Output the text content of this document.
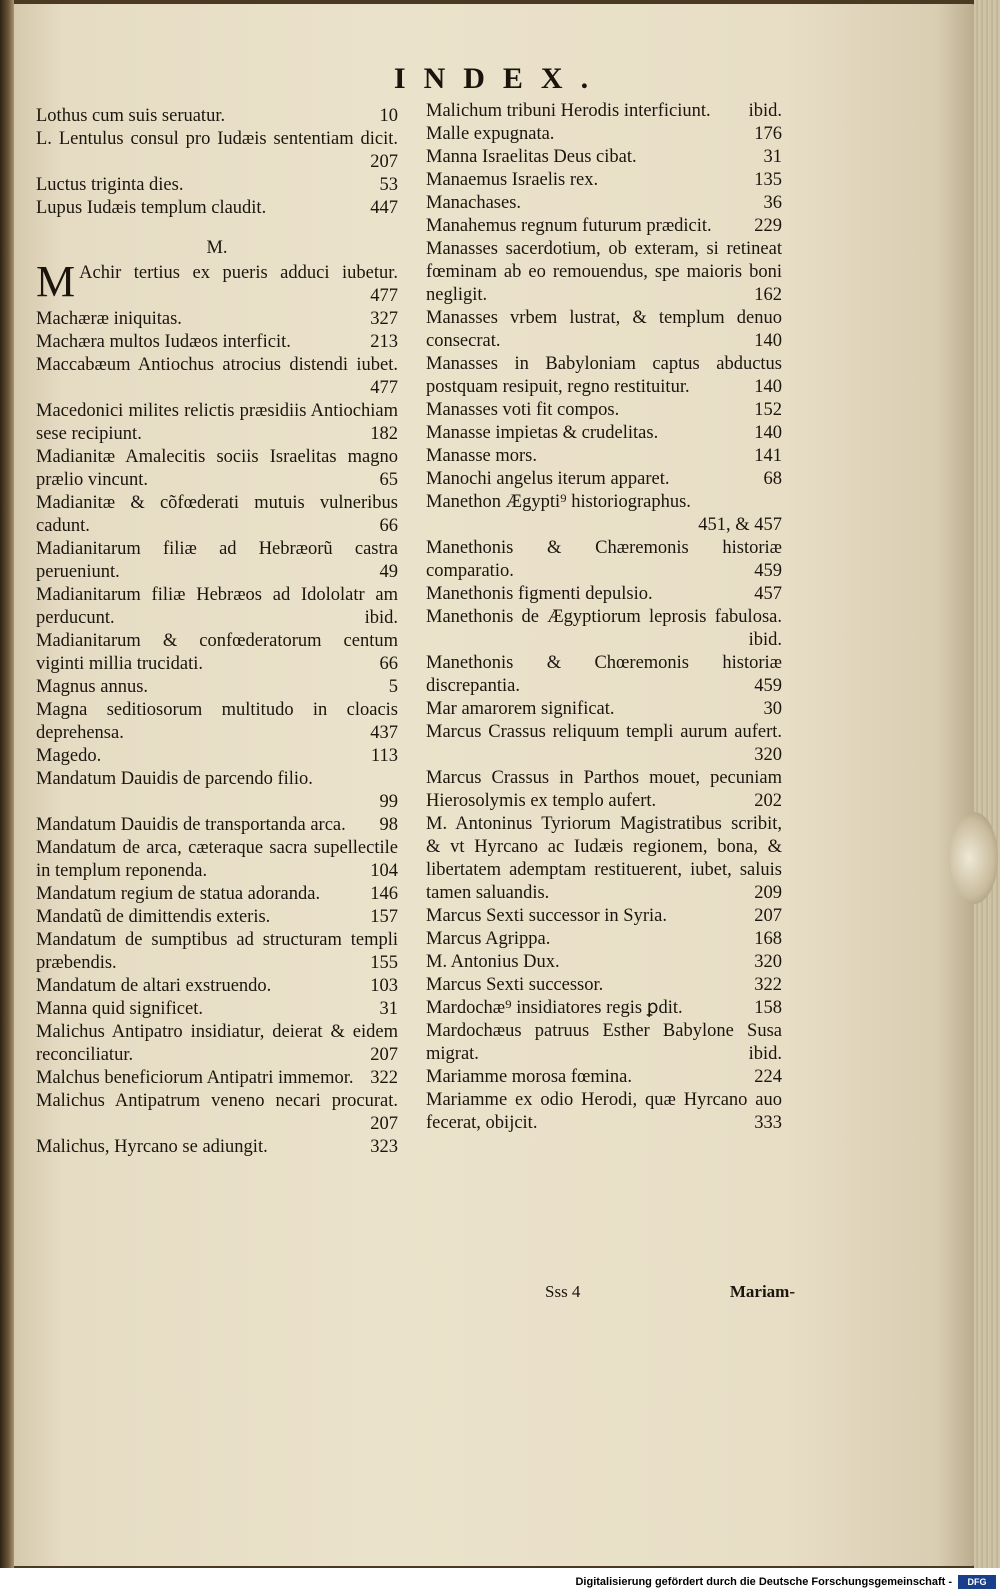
INDEX.
Lothus cum suis seruatur.	10
L. Lentulus consul pro Iudæis sententiam dicit.
207
Luctus triginta dies.	53
Lupus Iudæis templum claudit.	447
M.
M Achir tertius ex pueris adduci iubetur.
477
Machæræ iniquitas.	327
Machæra multos Iudæos interficit.	213
Maccabæum Antiochus atrocius distendi iubet.
477
Macedonici milites relictis præsidiis Antiochiam sese recipiunt.	182
Madianitæ Amalecitis sociis Israelitas magno prælio vincunt.	65
Madianitæ & cõfœderati mutuis vulneribus cadunt.	66
Madianitarum filiæ ad Hebræorũ castra perueniunt.	49
Madianitarum filiæ Hebræos ad Idololatr am perducunt.	ibid.
Madianitarum & confœderatorum centum viginti millia trucidati.	66
Magnus annus.	5
Magna seditiosorum multitudo in cloacis deprehensa.	437
Magedo.	113
Mandatum Dauidis de parcendo filio.
99
Mandatum Dauidis de transportanda arca.	98
Mandatum de arca, cæteraque sacra supellectile in templum reponenda.	104
Mandatum regium de statua adoranda.	146
Mandatũ de dimittendis exteris.	157
Mandatum de sumptibus ad structuram templi præbendis.	155
Mandatum de altari exstruendo.	103
Manna quid significet.	31
Malichus Antipatro insidiatur, deierat & eidem reconciliatur.	207
Malchus beneficiorum Antipatri immemor. 322
Malichus Antipatrum veneno necari procurat.
207
Malichus, Hyrcano se adiungit.	323
Malichum tribuni Herodis interficiunt.	ibid.
Malle expugnata.	176
Manna Israelitas Deus cibat.	31
Manaemus Israelis rex.	135
Manachases.	36
Manahemus regnum futurum prædicit.	229
Manasses sacerdotium, ob exteram, si retineat fœminam ab eo remouendus, spe maioris boni negligit.	162
Manasses vrbem lustrat, & templum denuo consecrat.	140
Manasses in Babyloniam captus abductus postquam resipuit, regno restituitur.	140
Manasses voti fit compos.	152
Manasse impietas & crudelitas.	140
Manasse mors.	141
Manochi angelus iterum apparet.	68
Manethon Ægypti⁹ historiographus.
451, & 457
Manethonis & Chæremonis historiæ comparatio.	459
Manethonis figmenti depulsio.	457
Manethonis de Ægyptiorum leprosis fabulosa.
ibid.
Manethonis & Chœremonis historiæ discrepantia.	459
Mar amarorem significat.	30
Marcus Crassus reliquum templi aurum aufert.
320
Marcus Crassus in Parthos mouet, pecuniam Hierosolymis ex templo aufert.	202
M. Antoninus Tyriorum Magistratibus scribit, & vt Hyrcano ac Iudæis regionem, bona, & libertatem ademptam restituerent, iubet, saluis tamen saluandis.	209
Marcus Sexti successor in Syria.	207
Marcus Agrippa.	168
M. Antonius Dux.	320
Marcus Sexti successor.	322
Mardochæ⁹ insidiatores regis ꝑdit.	158
Mardochæus patruus Esther Babylone Susa migrat.	ibid.
Mariamme morosa fœmina.	224
Mariamme ex odio Herodi, quæ Hyrcano auo fecerat, obijcit.	333
Sss 4	Mariam-
Digitalisierung gefördert durch die Deutsche Forschungsgemeinschaft -	DFG
